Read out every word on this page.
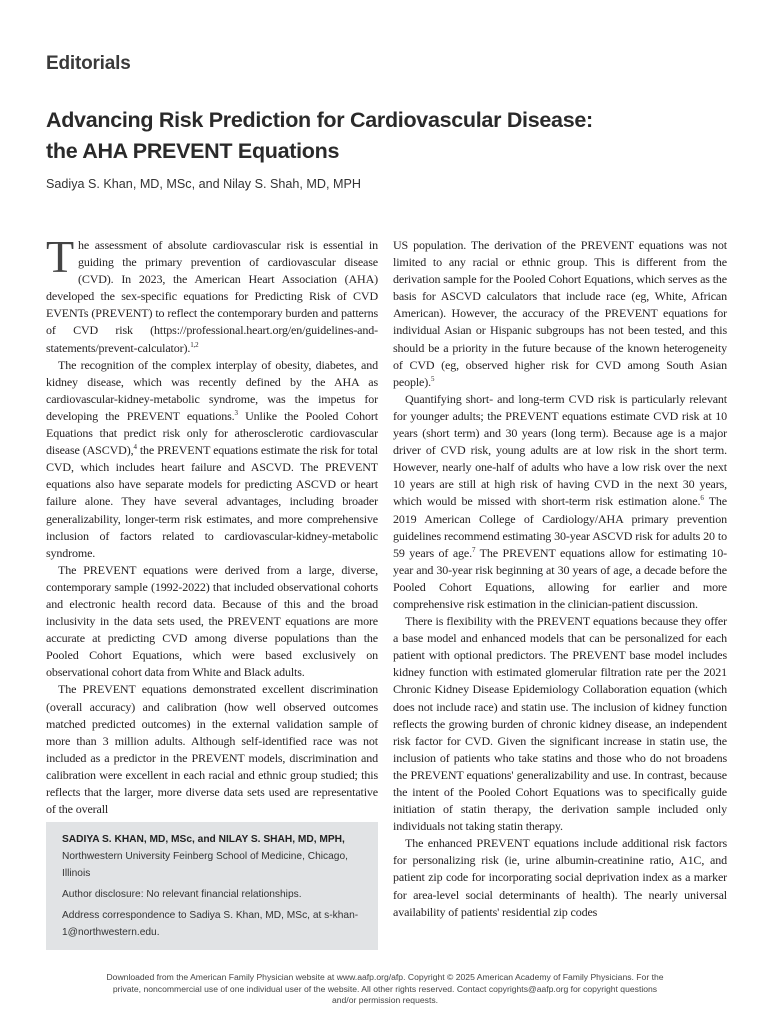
Editorials
Advancing Risk Prediction for Cardiovascular Disease: the AHA PREVENT Equations
Sadiya S. Khan, MD, MSc, and Nilay S. Shah, MD, MPH

The assessment of absolute cardiovascular risk is essential in guiding the primary prevention of cardiovascular disease (CVD). In 2023, the American Heart Association (AHA) developed the sex-specific equations for Predicting Risk of CVD EVENTs (PREVENT) to reflect the contemporary burden and patterns of CVD risk (https://professional.heart.org/en/guidelines-and-statements/prevent-calculator).$^{1,2}$

The recognition of the complex interplay of obesity, diabetes, and kidney disease, which was recently defined by the AHA as cardiovascular-kidney-metabolic syndrome, was the impetus for developing the PREVENT equations.$^3$ Unlike the Pooled Cohort Equations that predict risk only for atherosclerotic cardiovascular disease (ASCVD),$^4$ the PREVENT equations estimate the risk for total CVD, which includes heart failure and ASCVD. The PREVENT equations also have separate models for predicting ASCVD or heart failure alone. They have several advantages, including broader generalizability, longer-term risk estimates, and more comprehensive inclusion of factors related to cardiovascular-kidney-metabolic syndrome.

The PREVENT equations were derived from a large, diverse, contemporary sample (1992-2022) that included observational cohorts and electronic health record data. Because of this and the broad inclusivity in the data sets used, the PREVENT equations are more accurate at predicting CVD among diverse populations than the Pooled Cohort Equations, which were based exclusively on observational cohort data from White and Black adults.

The PREVENT equations demonstrated excellent discrimination (overall accuracy) and calibration (how well observed outcomes matched predicted outcomes) in the external validation sample of more than 3 million adults. Although self-identified race was not included as a predictor in the PREVENT models, discrimination and calibration were excellent in each racial and ethnic group studied; this reflects that the larger, more diverse data sets used are representative of the overall

US population. The derivation of the PREVENT equations was not limited to any racial or ethnic group. This is different from the derivation sample for the Pooled Cohort Equations, which serves as the basis for ASCVD calculators that include race (eg, White, African American). However, the accuracy of the PREVENT equations for individual Asian or Hispanic subgroups has not been tested, and this should be a priority in the future because of the known heterogeneity of CVD (eg, observed higher risk for CVD among South Asian people).$^5$

Quantifying short- and long-term CVD risk is particularly relevant for younger adults; the PREVENT equations estimate CVD risk at 10 years (short term) and 30 years (long term). Because age is a major driver of CVD risk, young adults are at low risk in the short term. However, nearly one-half of adults who have a low risk over the next 10 years are still at high risk of having CVD in the next 30 years, which would be missed with short-term risk estimation alone.$^6$ The 2019 American College of Cardiology/AHA primary prevention guidelines recommend estimating 30-year ASCVD risk for adults 20 to 59 years of age.$^7$ The PREVENT equations allow for estimating 10-year and 30-year risk beginning at 30 years of age, a decade before the Pooled Cohort Equations, allowing for earlier and more comprehensive risk estimation in the clinician-patient discussion.

There is flexibility with the PREVENT equations because they offer a base model and enhanced models that can be personalized for each patient with optional predictors. The PREVENT base model includes kidney function with estimated glomerular filtration rate per the 2021 Chronic Kidney Disease Epidemiology Collaboration equation (which does not include race) and statin use. The inclusion of kidney function reflects the growing burden of chronic kidney disease, an independent risk factor for CVD. Given the significant increase in statin use, the inclusion of patients who take statins and those who do not broadens the PREVENT equations' generalizability and use. In contrast, because the intent of the Pooled Cohort Equations was to specifically guide initiation of statin therapy, the derivation sample included only individuals not taking statin therapy.

The enhanced PREVENT equations include additional risk factors for personalizing risk (ie, urine albumin-creatinine ratio, A1C, and patient zip code for incorporating social deprivation index as a marker for area-level social determinants of health). The nearly universal availability of patients' residential zip codes

SADIYA S. KHAN, MD, MSc, and NILAY S. SHAH, MD, MPH, Northwestern University Feinberg School of Medicine, Chicago, Illinois

Author disclosure: No relevant financial relationships.

Address correspondence to Sadiya S. Khan, MD, MSc, at s-khan-1@northwestern.edu.

Downloaded from the American Family Physician website at www.aafp.org/afp. Copyright © 2025 American Academy of Family Physicians. For the private, noncommercial use of one individual user of the website. All other rights reserved. Contact copyrights@aafp.org for copyright questions and/or permission requests.
